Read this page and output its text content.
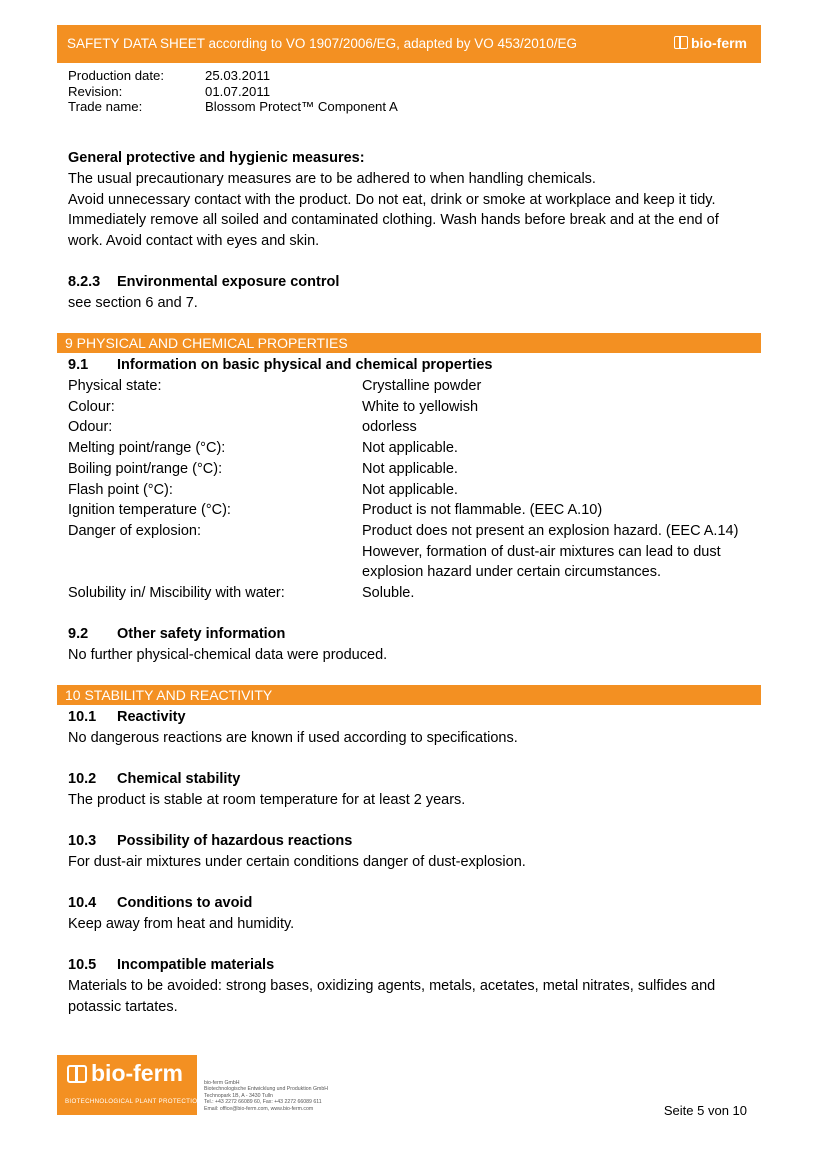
SAFETY DATA SHEET according to VO 1907/2006/EG, adapted by VO 453/2010/EG	bio-ferm
Production date:	25.03.2011
Revision:	01.07.2011
Trade name:	Blossom Protect™ Component A
General protective and hygienic measures:
The usual precautionary measures are to be adhered to when handling chemicals.
Avoid unnecessary contact with the product. Do not eat, drink or smoke at workplace and keep it tidy.
Immediately remove all soiled and contaminated clothing. Wash hands before break and at the end of
work. Avoid contact with eyes and skin.
8.2.3 Environmental exposure control
see section 6 and 7.
9 PHYSICAL AND CHEMICAL PROPERTIES
9.1 Information on basic physical and chemical properties
Physical state:	Crystalline powder
Colour:	White to yellowish
Odour:	odorless
Melting point/range (°C):	Not applicable.
Boiling point/range (°C):	Not applicable.
Flash point (°C):	Not applicable.
Ignition temperature (°C):	Product is not flammable. (EEC A.10)
Danger of explosion:	Product does not present an explosion hazard. (EEC A.14)
However, formation of dust-air mixtures can lead to dust
explosion hazard under certain circumstances.
Solubility in/ Miscibility with water:	Soluble.
9.2 Other safety information
No further physical-chemical data were produced.
10 STABILITY AND REACTIVITY
10.1 Reactivity
No dangerous reactions are known if used according to specifications.
10.2 Chemical stability
The product is stable at room temperature for at least 2 years.
10.3 Possibility of hazardous reactions
For dust-air mixtures under certain conditions danger of dust-explosion.
10.4 Conditions to avoid
Keep away from heat and humidity.
10.5 Incompatible materials
Materials to be avoided: strong bases, oxidizing agents, metals, acetates, metal nitrates, sulfides and
potassic tartates.
bio-ferm
BIOTECHNOLOGICAL PLANT PROTECTION
bio-ferm GmbH
Biotechnologische Entwicklung und Produktion GmbH
Technopark 1B, A - 3430 Tulln
Tel.: +43 2272 66089 60, Fax: +43 2272 66089 611
Email: office@bio-ferm.com, www.bio-ferm.com	Seite 5 von 10
